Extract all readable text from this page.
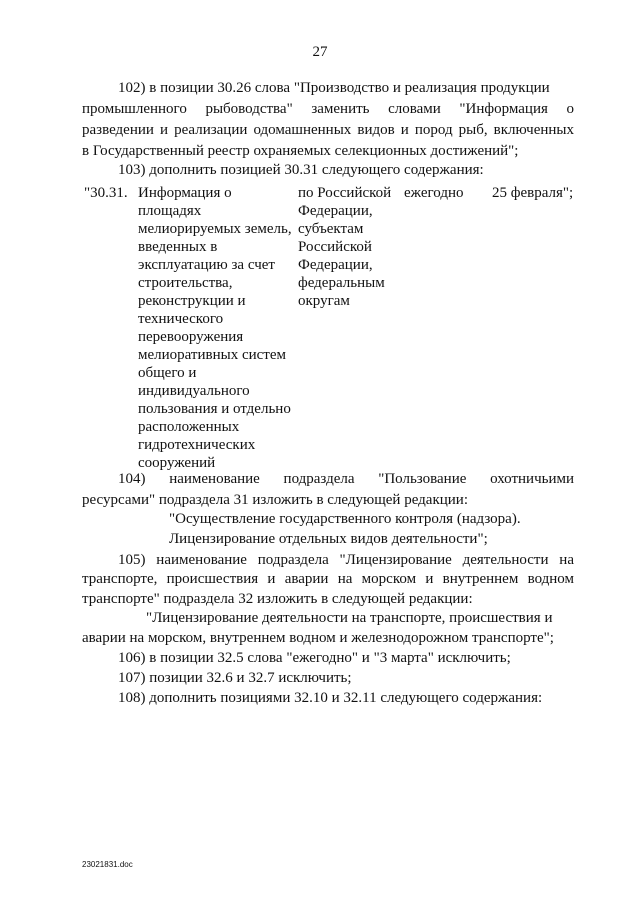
27
102) в позиции 30.26 слова "Производство и реализация продукции
промышленного рыбоводства" заменить словами "Информация о
разведении и реализации одомашненных видов и пород рыб, включенных
в Государственный реестр охраняемых селекционных достижений";
103) дополнить позицией 30.31 следующего содержания:
"30.31. Информация о
площадях
мелиорируемых земель,
введенных в
эксплуатацию за счет
строительства,
реконструкции и
технического
перевооружения
мелиоративных систем
общего и
индивидуального
пользования и отдельно
расположенных
гидротехнических
сооружений
по Российской
Федерации,
субъектам
Российской
Федерации,
федеральным
округам
ежегодно 25 февраля";
104) наименование подраздела "Пользование охотничьими
ресурсами" подраздела 31 изложить в следующей редакции:
"Осуществление государственного контроля (надзора).
Лицензирование отдельных видов деятельности";
105) наименование подраздела "Лицензирование деятельности на
транспорте, происшествия и аварии на морском и внутреннем водном
транспорте" подраздела 32 изложить в следующей редакции:
"Лицензирование деятельности на транспорте, происшествия и
аварии на морском, внутреннем водном и железнодорожном транспорте";
106) в позиции 32.5 слова "ежегодно" и "3 марта" исключить;
107) позиции 32.6 и 32.7 исключить;
108) дополнить позициями 32.10 и 32.11 следующего содержания:
23021831.doc
